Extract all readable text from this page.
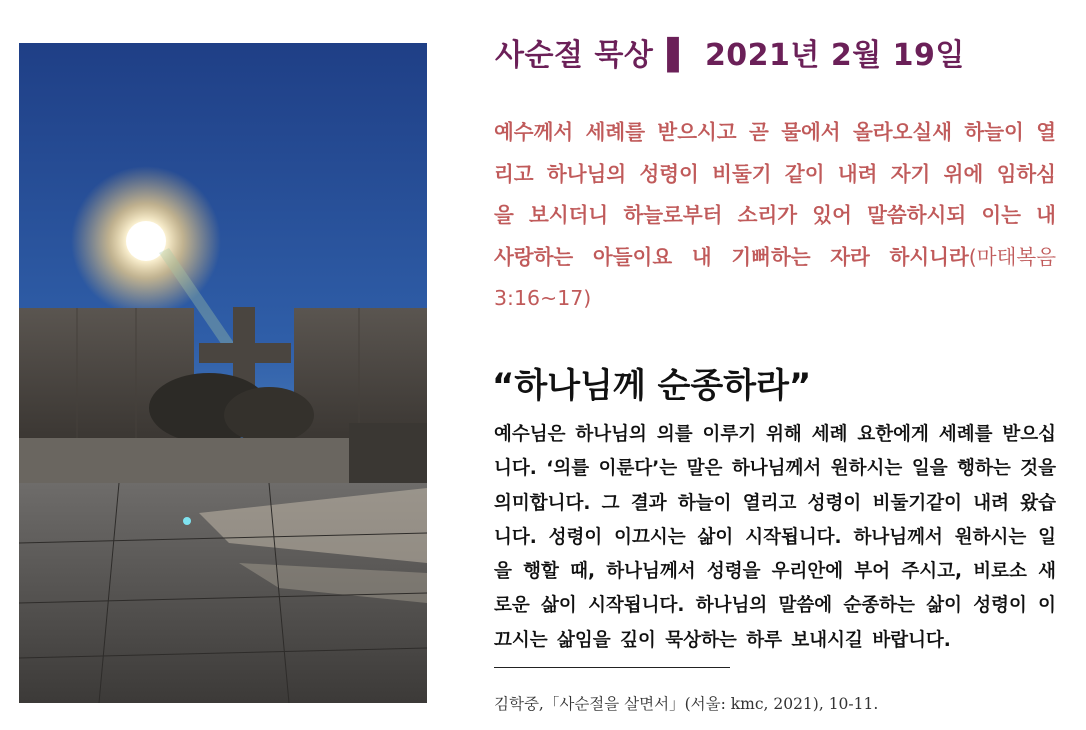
사순절 묵상 ▌ 2021년 2월 19일
예수께서 세례를 받으시고 곧 물에서 올라오실새 하늘이 열리고 하나님의 성령이 비둘기 같이 내려 자기 위에 임하심을 보시더니 하늘로부터 소리가 있어 말씀하시되 이는 내 사랑하는 아들이요 내 기뻐하는 자라 하시니라(마태복음 3:16~17)
“하나님께 순종하라”
예수님은 하나님의 의를 이루기 위해 세례 요한에게 세례를 받으십니다. ‘의를 이룬다’는 말은 하나님께서 원하시는 일을 행하는 것을 의미합니다. 그 결과 하늘이 열리고 성령이 비둘기같이 내려 왔습니다. 성령이 이끄시는 삶이 시작됩니다. 하나님께서 원하시는 일을 행할 때, 하나님께서 성령을 우리안에 부어 주시고, 비로소 새로운 삶이 시작됩니다. 하나님의 말씀에 순종하는 삶이 성령이 이끄시는 삶임을 깊이 묵상하는 하루 보내시길 바랍니다.
김학중,「사순절을 살면서」(서울: kmc, 2021), 10-11.
